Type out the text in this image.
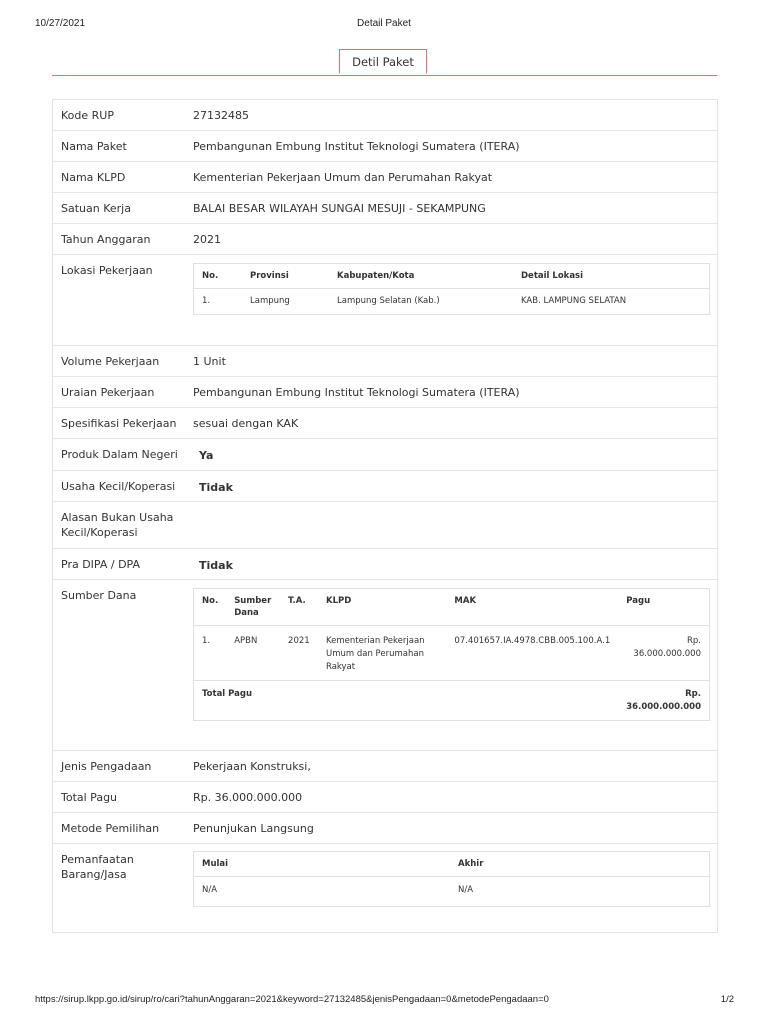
10/27/2021	Detail Paket
Detil Paket
Kode RUP	27132485
Nama Paket	Pembangunan Embung Institut Teknologi Sumatera (ITERA)
Nama KLPD	Kementerian Pekerjaan Umum dan Perumahan Rakyat
Satuan Kerja	BALAI BESAR WILAYAH SUNGAI MESUJI - SEKAMPUNG
Tahun Anggaran	2021
Lokasi Pekerjaan	No.	Provinsi	Kabupaten/Kota	Detail Lokasi
1.	Lampung	Lampung Selatan (Kab.)	KAB. LAMPUNG SELATAN
Volume Pekerjaan	1 Unit
Uraian Pekerjaan	Pembangunan Embung Institut Teknologi Sumatera (ITERA)
Spesifikasi Pekerjaan	sesuai dengan KAK
Produk Dalam Negeri	Ya
Usaha Kecil/Koperasi	Tidak
Alasan Bukan Usaha Kecil/Koperasi
Pra DIPA / DPA	Tidak
Sumber Dana	No.	Sumber Dana	T.A.	KLPD	MAK	Pagu
1.	APBN	2021	Kementerian Pekerjaan Umum dan Perumahan Rakyat	07.401657.IA.4978.CBB.005.100.A.1	Rp. 36.000.000.000
Total Pagu					Rp. 36.000.000.000
Jenis Pengadaan	Pekerjaan Konstruksi,
Total Pagu	Rp. 36.000.000.000
Metode Pemilihan	Penunjukan Langsung
Pemanfaatan Barang/Jasa
Mulai	Akhir
N/A	N/A
https://sirup.lkpp.go.id/sirup/ro/cari?tahunAnggaran=2021&keyword=27132485&jenisPengadaan=0&metodePengadaan=0	1/2
